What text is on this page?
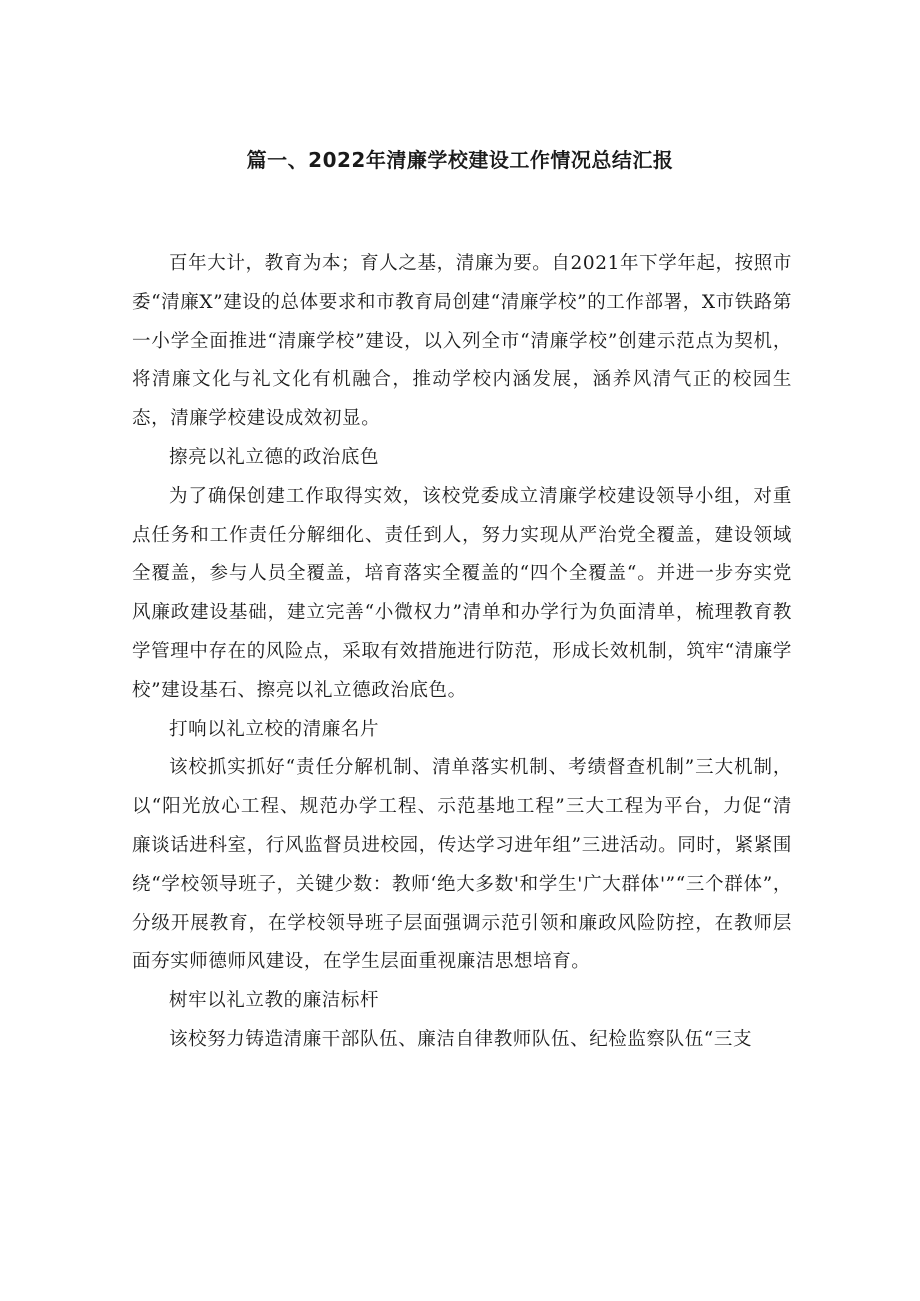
篇一、2022年清廉学校建设工作情况总结汇报

百年大计，教育为本；育人之基，清廉为要。自2021年下学年起，按照市委“清廉X”建设的总体要求和市教育局创建“清廉学校”的工作部署，X市铁路第一小学全面推进“清廉学校”建设，以入列全市“清廉学校”创建示范点为契机，将清廉文化与礼文化有机融合，推动学校内涵发展，涵养风清气正的校园生态，清廉学校建设成效初显。

擦亮以礼立德的政治底色

为了确保创建工作取得实效，该校党委成立清廉学校建设领导小组，对重点任务和工作责任分解细化、责任到人，努力实现从严治党全覆盖，建设领域全覆盖，参与人员全覆盖，培育落实全覆盖的“四个全覆盖“。并进一步夯实党风廉政建设基础，建立完善“小微权力”清单和办学行为负面清单，梳理教育教学管理中存在的风险点，采取有效措施进行防范，形成长效机制，筑牢“清廉学校”建设基石、擦亮以礼立德政治底色。

打响以礼立校的清廉名片

该校抓实抓好“责任分解机制、清单落实机制、考绩督查机制”三大机制，以“阳光放心工程、规范办学工程、示范基地工程”三大工程为平台，力促“清廉谈话进科室，行风监督员进校园，传达学习进年组”三进活动。同时，紧紧围绕“学校领导班子，关键少数：教师‘绝大多数'和学生'广大群体'”“三个群体”，分级开展教育，在学校领导班子层面强调示范引领和廉政风险防控，在教师层面夯实师德师风建设，在学生层面重视廉洁思想培育。

树牢以礼立教的廉洁标杆

该校努力铸造清廉干部队伍、廉洁自律教师队伍、纪检监察队伍“三支
